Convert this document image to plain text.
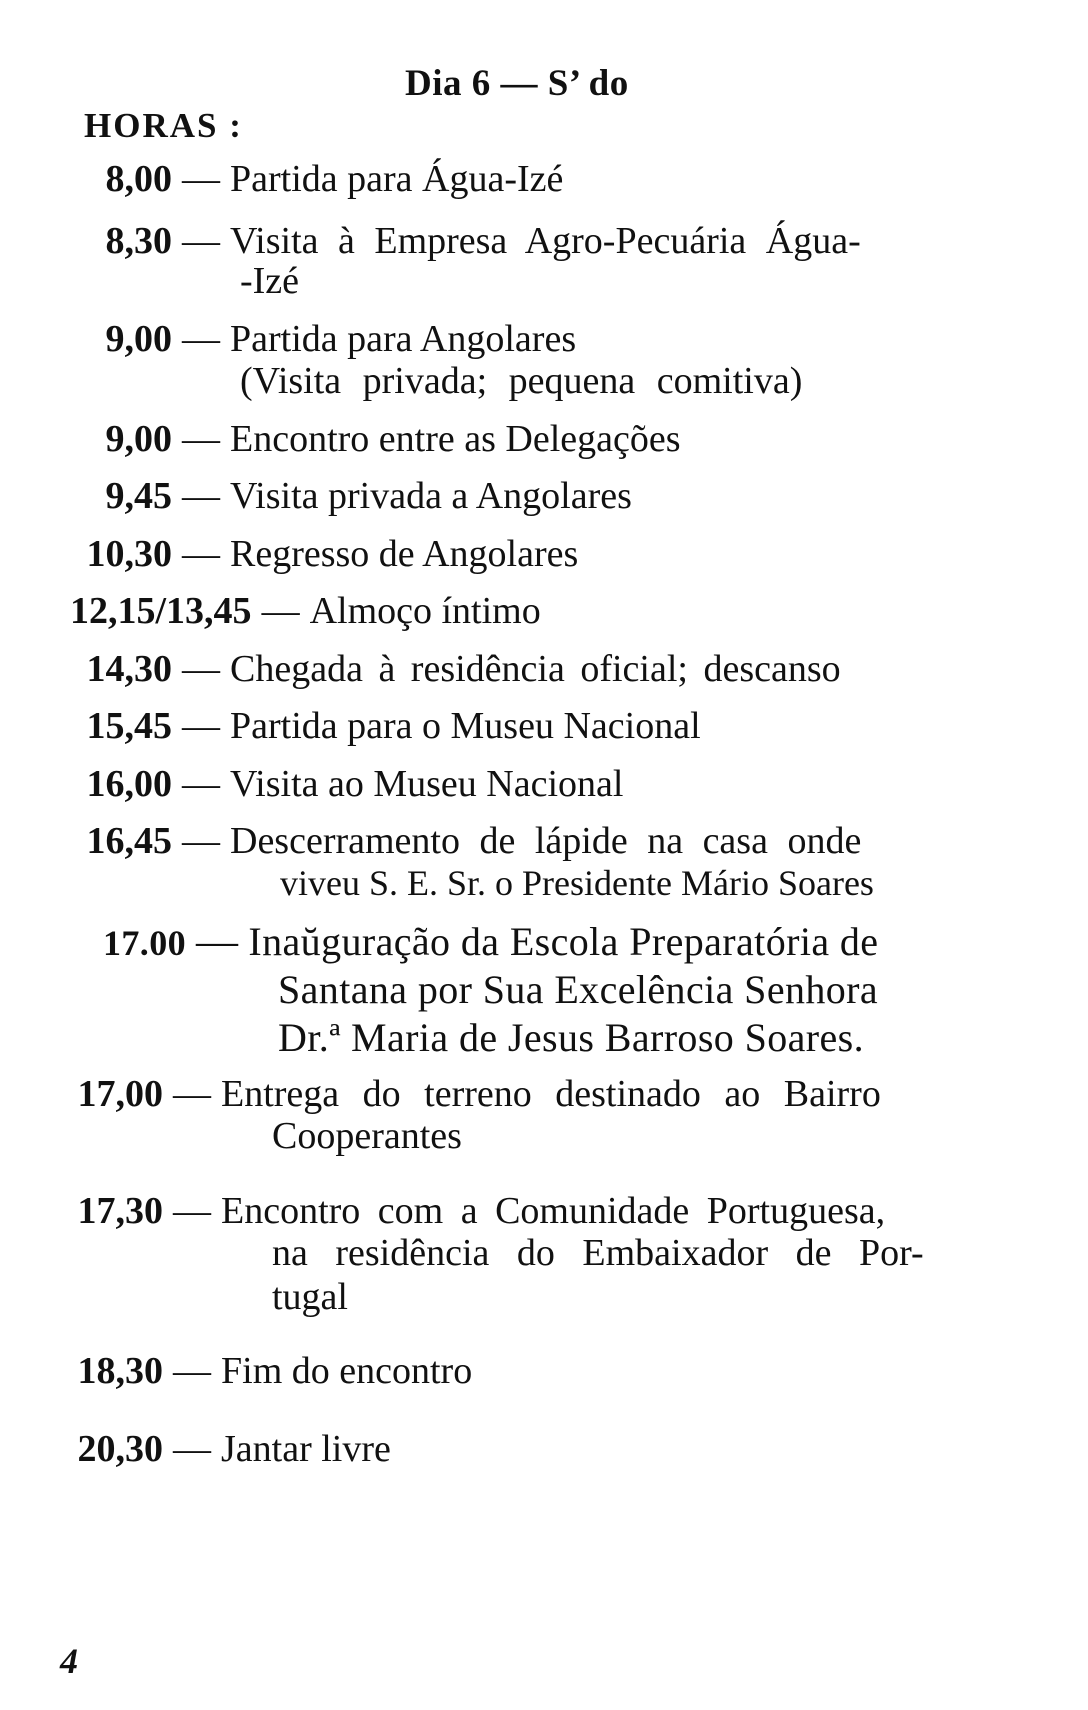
Dia 6 — S’ do
HORAS :
8,00 — Partida para Água-Izé
8,30 — Visita à Empresa Agro-Pecuária Água-
-Izé
9,00 — Partida para Angolares
(Visita privada; pequena comitiva)
9,00 — Encontro entre as Delegações
9,45 — Visita privada a Angolares
10,30 — Regresso de Angolares
12,15/13,45 — Almoço íntimo
14,30 — Chegada à residência oficial; descanso
15,45 — Partida para o Museu Nacional
16,00 — Visita ao Museu Nacional
16,45 — Descerramento de lápide na casa onde
viveu S. E. Sr. o Presidente Mário Soares
17.00 — Inaŭguração da Escola Preparatória de
Santana por Sua Excelência Senhora
Dr.ª Maria de Jesus Barroso Soares.
17,00 — Entrega do terreno destinado ao Bairro
Cooperantes
17,30 — Encontro com a Comunidade Portuguesa,
na residência do Embaixador de Por-
tugal
18,30 — Fim do encontro
20,30 — Jantar livre
4
